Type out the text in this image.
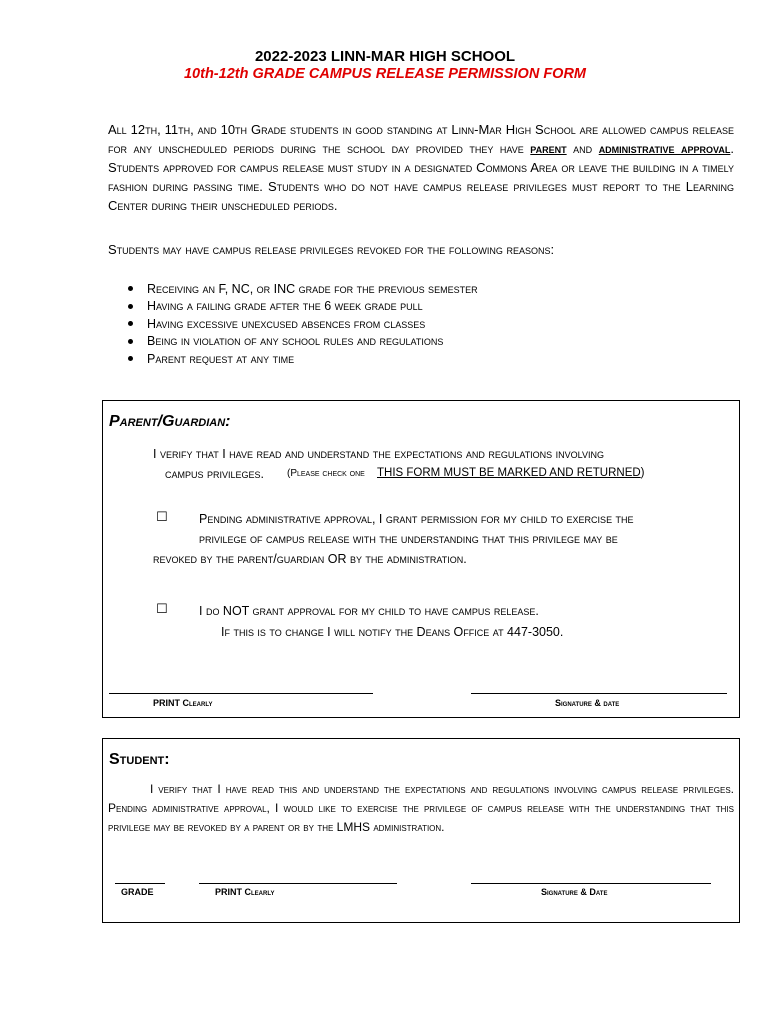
2022-2023 LINN-MAR HIGH SCHOOL
10th-12th GRADE CAMPUS RELEASE PERMISSION FORM
All 12th, 11th, and 10th Grade students in good standing at Linn-Mar High School are allowed campus release for any unscheduled periods during the school day provided they have parent and administrative approval. Students approved for campus release must study in a designated Commons Area or leave the building in a timely fashion during passing time. Students who do not have campus release privileges must report to the Learning Center during their unscheduled periods.
Students may have campus release privileges revoked for the following reasons:
Receiving an F, NC, or INC grade for the previous semester
Having a failing grade after the 6 week grade pull
Having excessive unexcused absences from classes
Being in violation of any school rules and regulations
Parent request at any time
Parent/Guardian:
I verify that I have read and understand the expectations and regulations involving
campus privileges. (Please check one THIS FORM MUST BE MARKED AND RETURNED)
☐	Pending administrative approval, I grant permission for my child to exercise the
privilege of campus release with the understanding that this privilege may be
revoked by the parent/guardian OR by the administration.
☐	I do NOT grant approval for my child to have campus release.
If this is to change I will notify the Deans Office at 447-3050.
PRINT Clearly	Signature & date
Student:
GRADE	PRINT Clearly	Signature & Date
I verify that I have read this and understand the expectations and regulations involving campus release privileges. Pending administrative approval, I would like to exercise the privilege of campus release with the understanding that this privilege may be revoked by a parent or by the LMHS administration.
